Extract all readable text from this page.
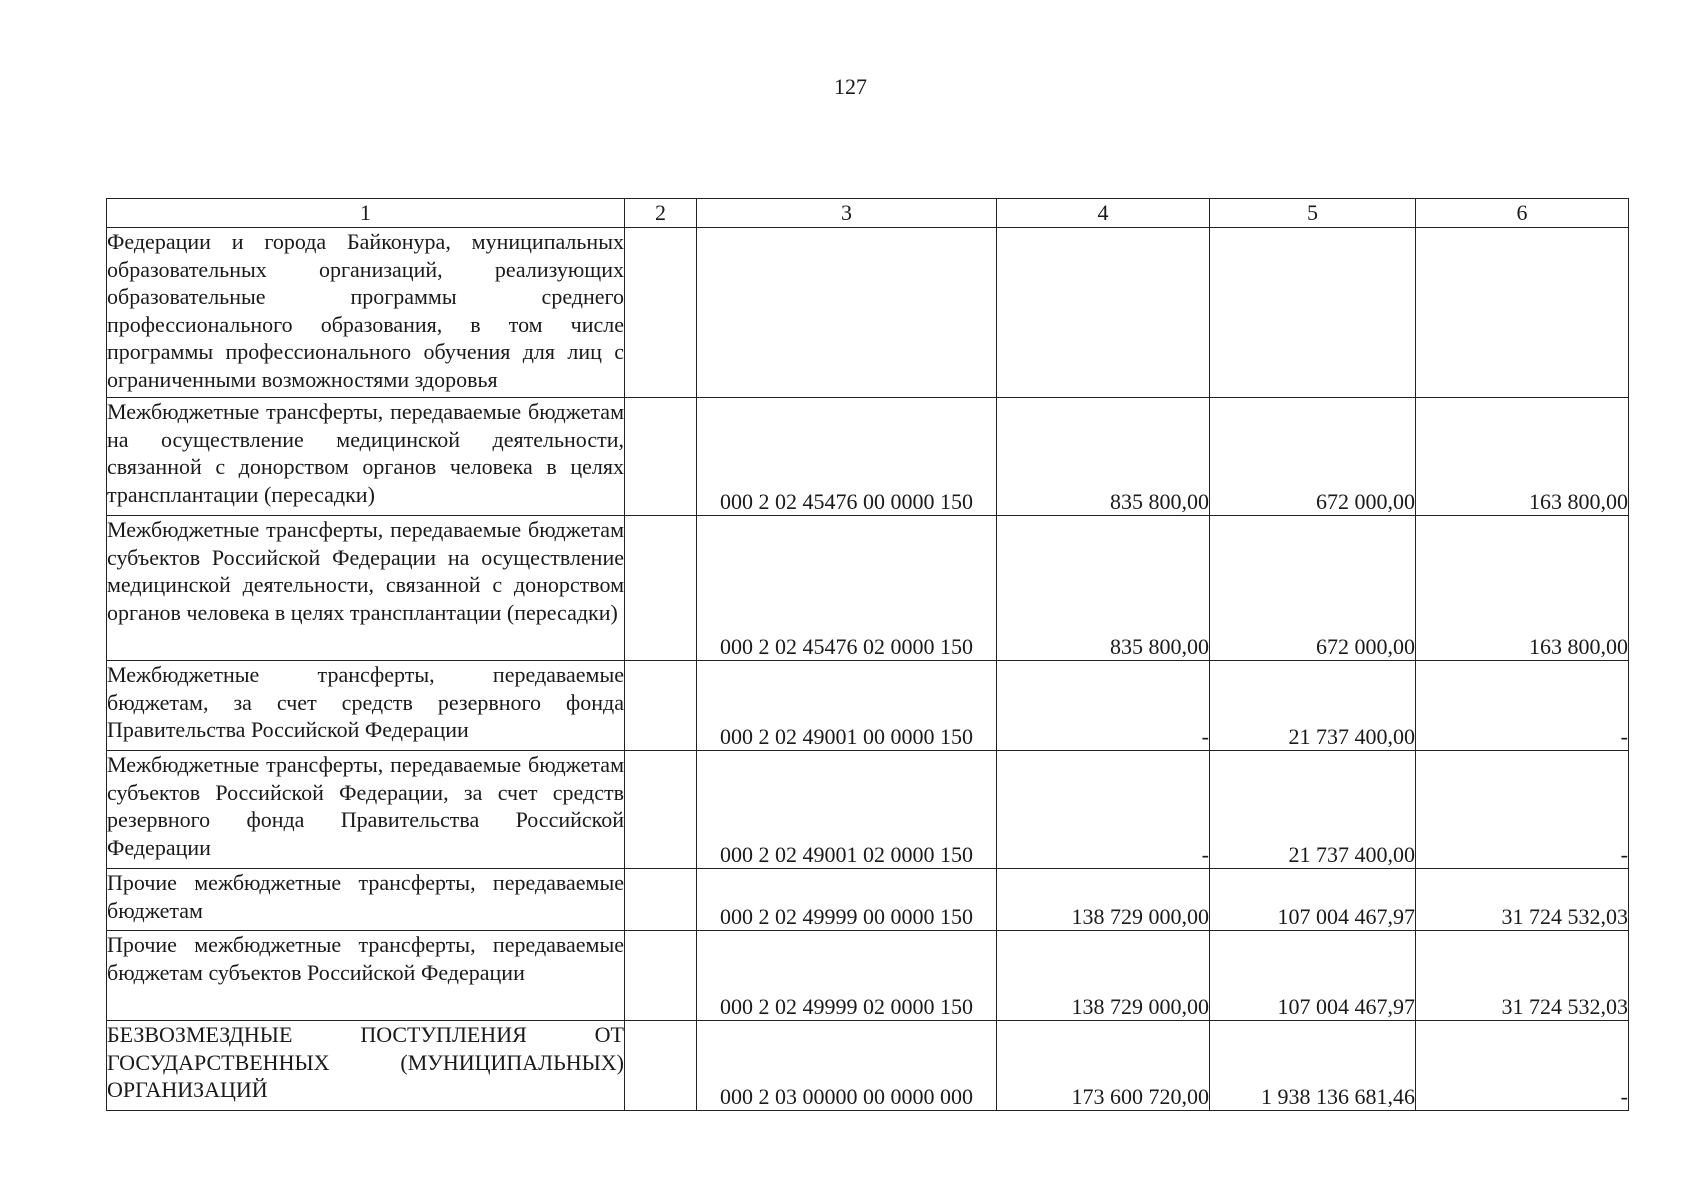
127
1	2	3	4	5	6
Федерации и города Байконура, муниципальных образовательных организаций, реализующих образовательные программы среднего профессионального образования, в том числе программы профессионального обучения для лиц с ограниченными возможностями здоровья					
Межбюджетные трансферты, передаваемые бюджетам на осуществление медицинской деятельности, связанной с донорством органов человека в целях трансплантации (пересадки)		000 2 02 45476 00 0000 150	835 800,00	672 000,00	163 800,00
Межбюджетные трансферты, передаваемые бюджетам субъектов Российской Федерации на осуществление медицинской деятельности, связанной с донорством органов человека в целях трансплантации (пересадки)		000 2 02 45476 02 0000 150	835 800,00	672 000,00	163 800,00
Межбюджетные трансферты, передаваемые бюджетам, за счет средств резервного фонда Правительства Российской Федерации		000 2 02 49001 00 0000 150	-	21 737 400,00	-
Межбюджетные трансферты, передаваемые бюджетам субъектов Российской Федерации, за счет средств резервного фонда Правительства Российской Федерации		000 2 02 49001 02 0000 150	-	21 737 400,00	-
Прочие межбюджетные трансферты, передаваемые бюджетам		000 2 02 49999 00 0000 150	138 729 000,00	107 004 467,97	31 724 532,03
Прочие межбюджетные трансферты, передаваемые бюджетам субъектов Российской Федерации		000 2 02 49999 02 0000 150	138 729 000,00	107 004 467,97	31 724 532,03
БЕЗВОЗМЕЗДНЫЕ ПОСТУПЛЕНИЯ ОТ ГОСУДАРСТВЕННЫХ (МУНИЦИПАЛЬНЫХ) ОРГАНИЗАЦИЙ		000 2 03 00000 00 0000 000	173 600 720,00	1 938 136 681,46	-
